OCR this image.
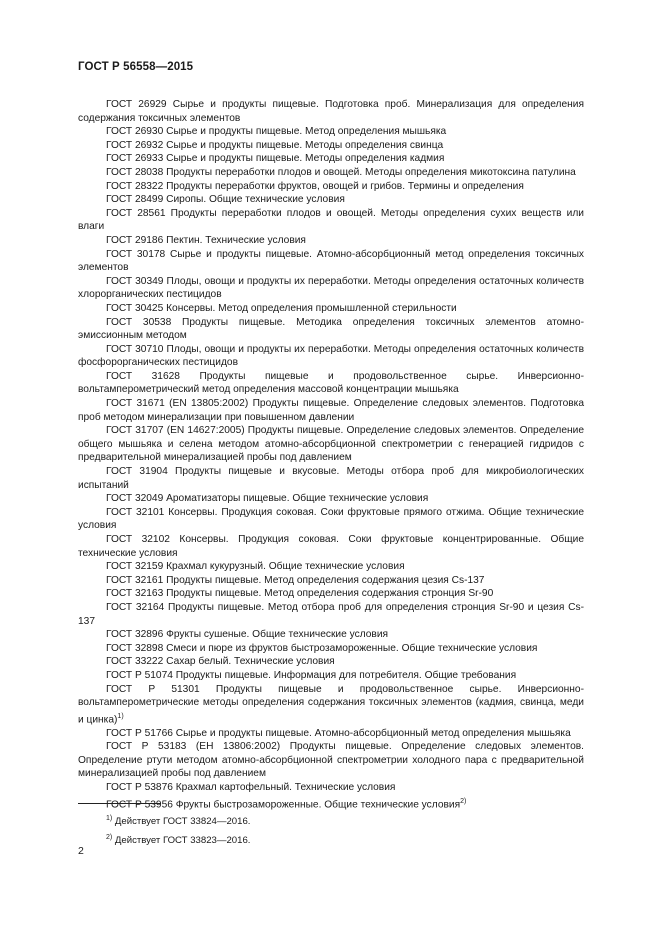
ГОСТ Р 56558—2015

ГОСТ 26929 Сырье и продукты пищевые. Подготовка проб. Минерализация для определения содержания токсичных элементов

ГОСТ 26930 Сырье и продукты пищевые. Метод определения мышьяка

ГОСТ 26932 Сырье и продукты пищевые. Методы определения свинца

ГОСТ 26933 Сырье и продукты пищевые. Методы определения кадмия

ГОСТ 28038 Продукты переработки плодов и овощей. Методы определения микотоксина патулина

ГОСТ 28322 Продукты переработки фруктов, овощей и грибов. Термины и определения

ГОСТ 28499 Сиропы. Общие технические условия

ГОСТ 28561 Продукты переработки плодов и овощей. Методы определения сухих веществ или влаги

ГОСТ 29186 Пектин. Технические условия

ГОСТ 30178 Сырье и продукты пищевые. Атомно-абсорбционный метод определения токсичных элементов

ГОСТ 30349 Плоды, овощи и продукты их переработки. Методы определения остаточных количеств хлорорганических пестицидов

ГОСТ 30425 Консервы. Метод определения промышленной стерильности

ГОСТ 30538 Продукты пищевые. Методика определения токсичных элементов атомно-эмиссионным методом

ГОСТ 30710 Плоды, овощи и продукты их переработки. Методы определения остаточных количеств фосфорорганических пестицидов

ГОСТ 31628 Продукты пищевые и продовольственное сырье. Инверсионно-вольтамперометрический метод определения массовой концентрации мышьяка

ГОСТ 31671 (EN 13805:2002) Продукты пищевые. Определение следовых элементов. Подготовка проб методом минерализации при повышенном давлении

ГОСТ 31707 (EN 14627:2005) Продукты пищевые. Определение следовых элементов. Определение общего мышьяка и селена методом атомно-абсорбционной спектрометрии с генерацией гидридов с предварительной минерализацией пробы под давлением

ГОСТ 31904 Продукты пищевые и вкусовые. Методы отбора проб для микробиологических испытаний

ГОСТ 32049 Ароматизаторы пищевые. Общие технические условия

ГОСТ 32101 Консервы. Продукция соковая. Соки фруктовые прямого отжима. Общие технические условия

ГОСТ 32102 Консервы. Продукция соковая. Соки фруктовые концентрированные. Общие технические условия

ГОСТ 32159 Крахмал кукурузный. Общие технические условия

ГОСТ 32161 Продукты пищевые. Метод определения содержания цезия Cs-137

ГОСТ 32163 Продукты пищевые. Метод определения содержания стронция Sr-90

ГОСТ 32164 Продукты пищевые. Метод отбора проб для определения стронция Sr-90 и цезия Cs-137

ГОСТ 32896 Фрукты сушеные. Общие технические условия

ГОСТ 32898 Смеси и пюре из фруктов быстрозамороженные. Общие технические условия

ГОСТ 33222 Сахар белый. Технические условия

ГОСТ Р 51074 Продукты пищевые. Информация для потребителя. Общие требования

ГОСТ Р 51301 Продукты пищевые и продовольственное сырье. Инверсионно-вольтамперометрические методы определения содержания токсичных элементов (кадмия, свинца, меди и цинка)$^{1)}$

ГОСТ Р 51766 Сырье и продукты пищевые. Атомно-абсорбционный метод определения мышьяка

ГОСТ Р 53183 (ЕН 13806:2002) Продукты пищевые. Определение следовых элементов. Определение ртути методом атомно-абсорбционной спектрометрии холодного пара с предварительной минерализацией пробы под давлением

ГОСТ Р 53876 Крахмал картофельный. Технические условия

ГОСТ Р 53956 Фрукты быстрозамороженные. Общие технические условия$^{2)}$

$^{1)}$ Действует ГОСТ 33824—2016.
$^{2)}$ Действует ГОСТ 33823—2016.
2
